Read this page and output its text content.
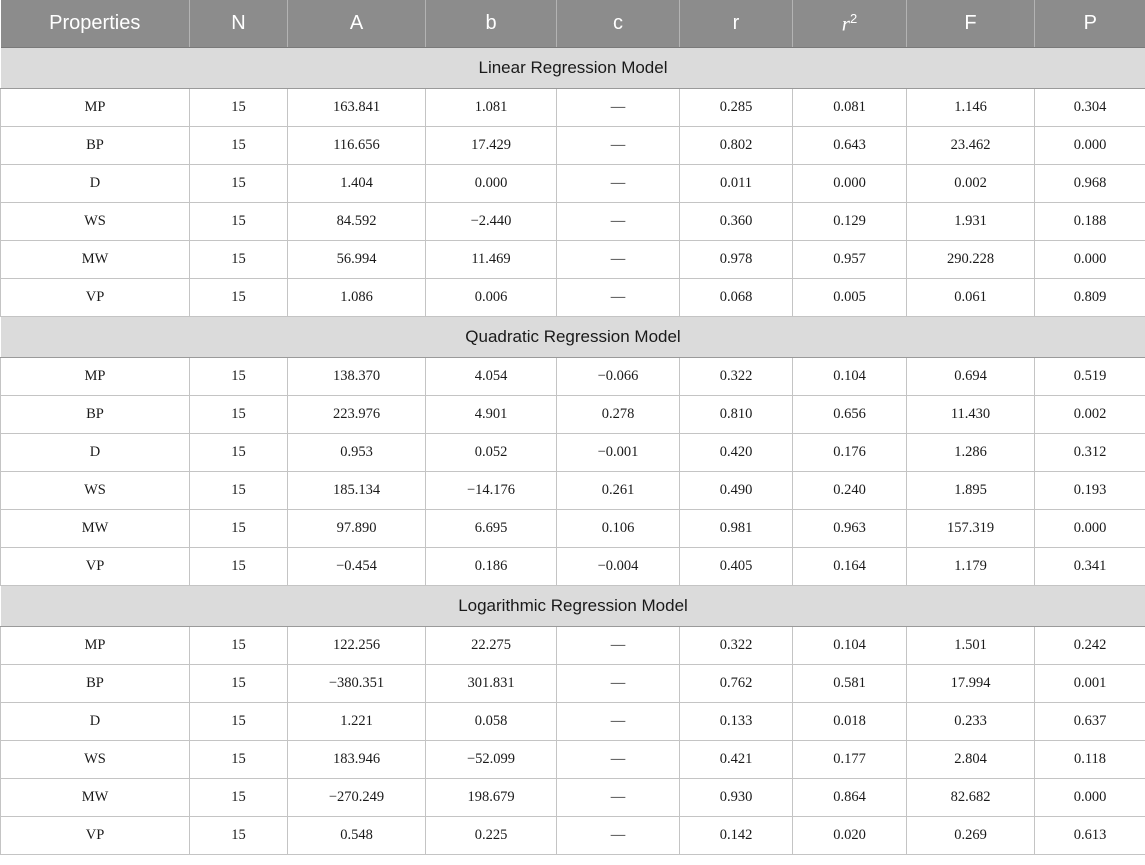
Properties	N	A	b	c	r	$r^2$	F	P
Linear Regression Model								
MP	15	163.841	1.081	—	0.285	0.081	1.146	0.304
BP	15	116.656	17.429	—	0.802	0.643	23.462	0.000
D	15	1.404	0.000	—	0.011	0.000	0.002	0.968
WS	15	84.592	−2.440	—	0.360	0.129	1.931	0.188
MW	15	56.994	11.469	—	0.978	0.957	290.228	0.000
VP	15	1.086	0.006	—	0.068	0.005	0.061	0.809
Quadratic Regression Model								
MP	15	138.370	4.054	−0.066	0.322	0.104	0.694	0.519
BP	15	223.976	4.901	0.278	0.810	0.656	11.430	0.002
D	15	0.953	0.052	−0.001	0.420	0.176	1.286	0.312
WS	15	185.134	−14.176	0.261	0.490	0.240	1.895	0.193
MW	15	97.890	6.695	0.106	0.981	0.963	157.319	0.000
VP	15	−0.454	0.186	−0.004	0.405	0.164	1.179	0.341
Logarithmic Regression Model								
MP	15	122.256	22.275	—	0.322	0.104	1.501	0.242
BP	15	−380.351	301.831	—	0.762	0.581	17.994	0.001
D	15	1.221	0.058	—	0.133	0.018	0.233	0.637
WS	15	183.946	−52.099	—	0.421	0.177	2.804	0.118
MW	15	−270.249	198.679	—	0.930	0.864	82.682	0.000
VP	15	0.548	0.225	—	0.142	0.020	0.269	0.613
